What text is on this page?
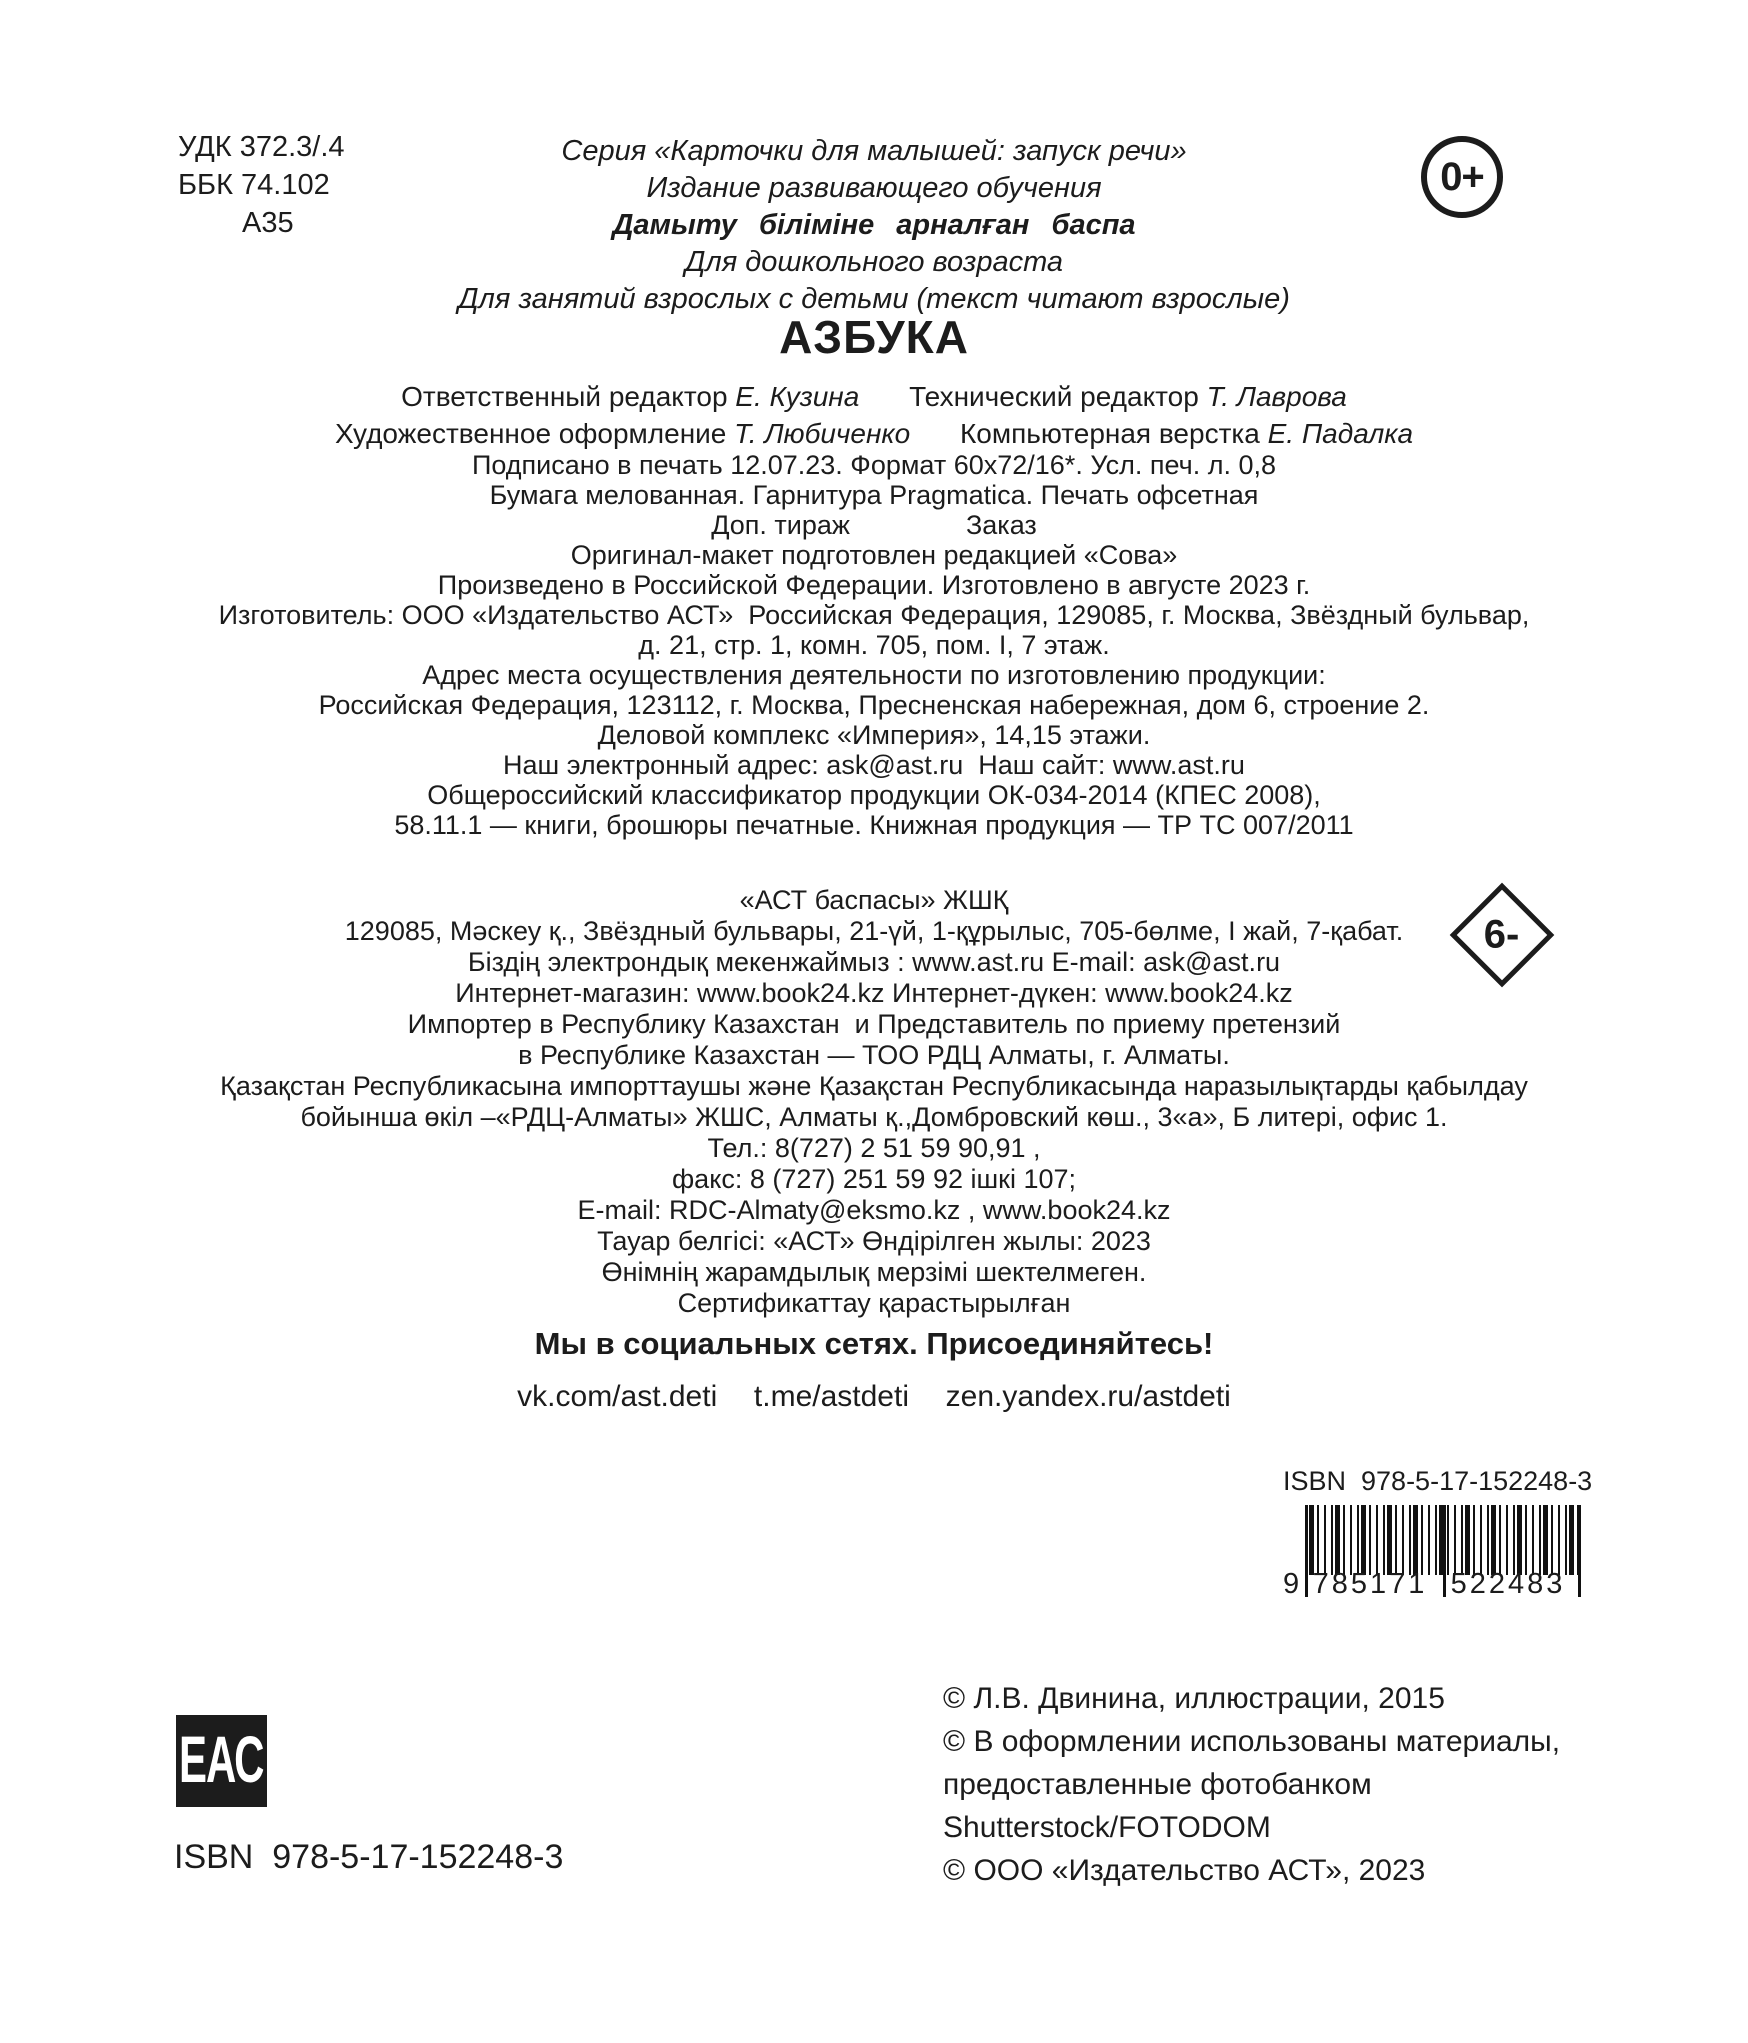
УДК 372.3/.4
ББК 74.102
А35
Серия «Карточки для малышей: запуск речи»
Издание развивающего обучения
Дамыту біліміне арналған баспа
Для дошкольного возраста
Для занятий взрослых с детьми (текст читают взрослые)
0+
АЗБУКА
Ответственный редактор Е. Кузина Технический редактор Т. Лаврова
Художественное оформление Т. Любиченко Компьютерная верстка Е. Падалка
Подписано в печать 12.07.23. Формат 60х72/16*. Усл. печ. л. 0,8
Бумага мелованная. Гарнитура Pragmatica. Печать офсетная
Доп. тираж	Заказ
Оригинал-макет подготовлен редакцией «Сова»
Произведено в Российской Федерации. Изготовлено в августе 2023 г.
Изготовитель: ООО «Издательство АСТ»  Российская Федерация, 129085, г. Москва, Звёздный бульвар,
д. 21, стр. 1, комн. 705, пом. I, 7 этаж.
Адрес места осуществления деятельности по изготовлению продукции:
Российская Федерация, 123112, г. Москва, Пресненская набережная, дом 6, строение 2.
Деловой комплекс «Империя», 14,15 этажи.
Наш электронный адрес: ask@ast.ru  Наш сайт: www.ast.ru
Общероссийский классификатор продукции ОК-034-2014 (КПЕС 2008),
58.11.1 — книги, брошюры печатные. Книжная продукция — ТР ТС 007/2011
«АСТ баспасы» ЖШҚ
129085, Мәскеу қ., Звёздный бульвары, 21-үй, 1-құрылыс, 705-бөлме, I жай, 7-қабат.
Біздің электрондық мекенжаймыз : www.ast.ru E-mail: ask@ast.ru
Интернет-магазин: www.book24.kz Интернет-дүкен: www.book24.kz
Импортер в Республику Казахстан  и Представитель по приему претензий
в Республике Казахстан — ТОО РДЦ Алматы, г. Алматы.
Қазақстан Республикасына импорттаушы және Қазақстан Республикасында наразылықтарды қабылдау
бойынша өкіл –«РДЦ-Алматы» ЖШС, Алматы қ.,Домбровский көш., 3«а», Б литері, офис 1.
Тел.: 8(727) 2 51 59 90,91 ,
факс: 8 (727) 251 59 92 ішкі 107;
E-mail: RDC-Almaty@eksmo.kz , www.book24.kz
Тауар белгісі: «АСТ» Өндірілген жылы: 2023
Өнімнің жарамдылық мерзімі шектелмеген.
Сертификаттау қарастырылған
6-
Мы в социальных сетях. Присоединяйтесь!
vk.com/ast.deti  t.me/astdeti  zen.yandex.ru/astdeti
ISBN  978-5-17-152248-3
9 785171 522483
ЕАС
ISBN  978-5-17-152248-3
© Л.В. Двинина, иллюстрации, 2015
© В оформлении использованы материалы,
предоставленные фотобанком
Shutterstock/FOTODOM
© ООО «Издательство АСТ», 2023
